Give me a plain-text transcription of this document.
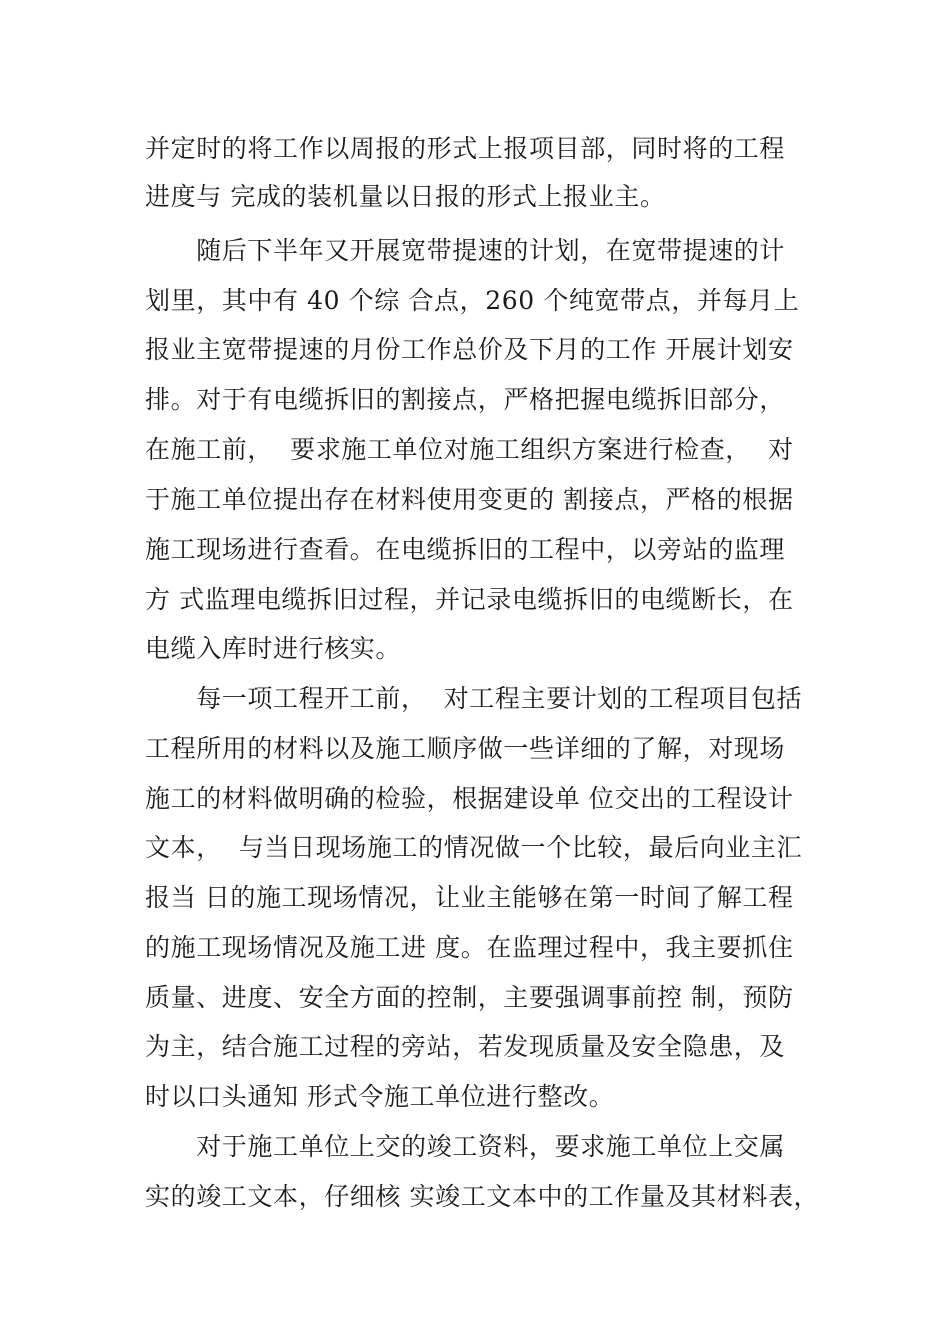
并定时的将工作以周报的形式上报项目部，同时将的工程
进度与 完成的装机量以日报的形式上报业主。
　　随后下半年又开展宽带提速的计划，在宽带提速的计
划里，其中有 40 个综 合点，260 个纯宽带点，并每月上
报业主宽带提速的月份工作总价及下月的工作 开展计划安
排。对于有电缆拆旧的割接点，严格把握电缆拆旧部分，
在施工前，  要求施工单位对施工组织方案进行检查，  对
于施工单位提出存在材料使用变更的 割接点，严格的根据
施工现场进行查看。在电缆拆旧的工程中，以旁站的监理
方 式监理电缆拆旧过程，并记录电缆拆旧的电缆断长，在
电缆入库时进行核实。
　　每一项工程开工前，  对工程主要计划的工程项目包括
工程所用的材料以及施工顺序做一些详细的了解，对现场
施工的材料做明确的检验，根据建设单 位交出的工程设计
文本，  与当日现场施工的情况做一个比较，最后向业主汇
报当 日的施工现场情况，让业主能够在第一时间了解工程
的施工现场情况及施工进 度。在监理过程中，我主要抓住
质量、进度、安全方面的控制，主要强调事前控 制，预防
为主，结合施工过程的旁站，若发现质量及安全隐患，及
时以口头通知 形式令施工单位进行整改。
　　对于施工单位上交的竣工资料，要求施工单位上交属
实的竣工文本，仔细核 实竣工文本中的工作量及其材料表，
